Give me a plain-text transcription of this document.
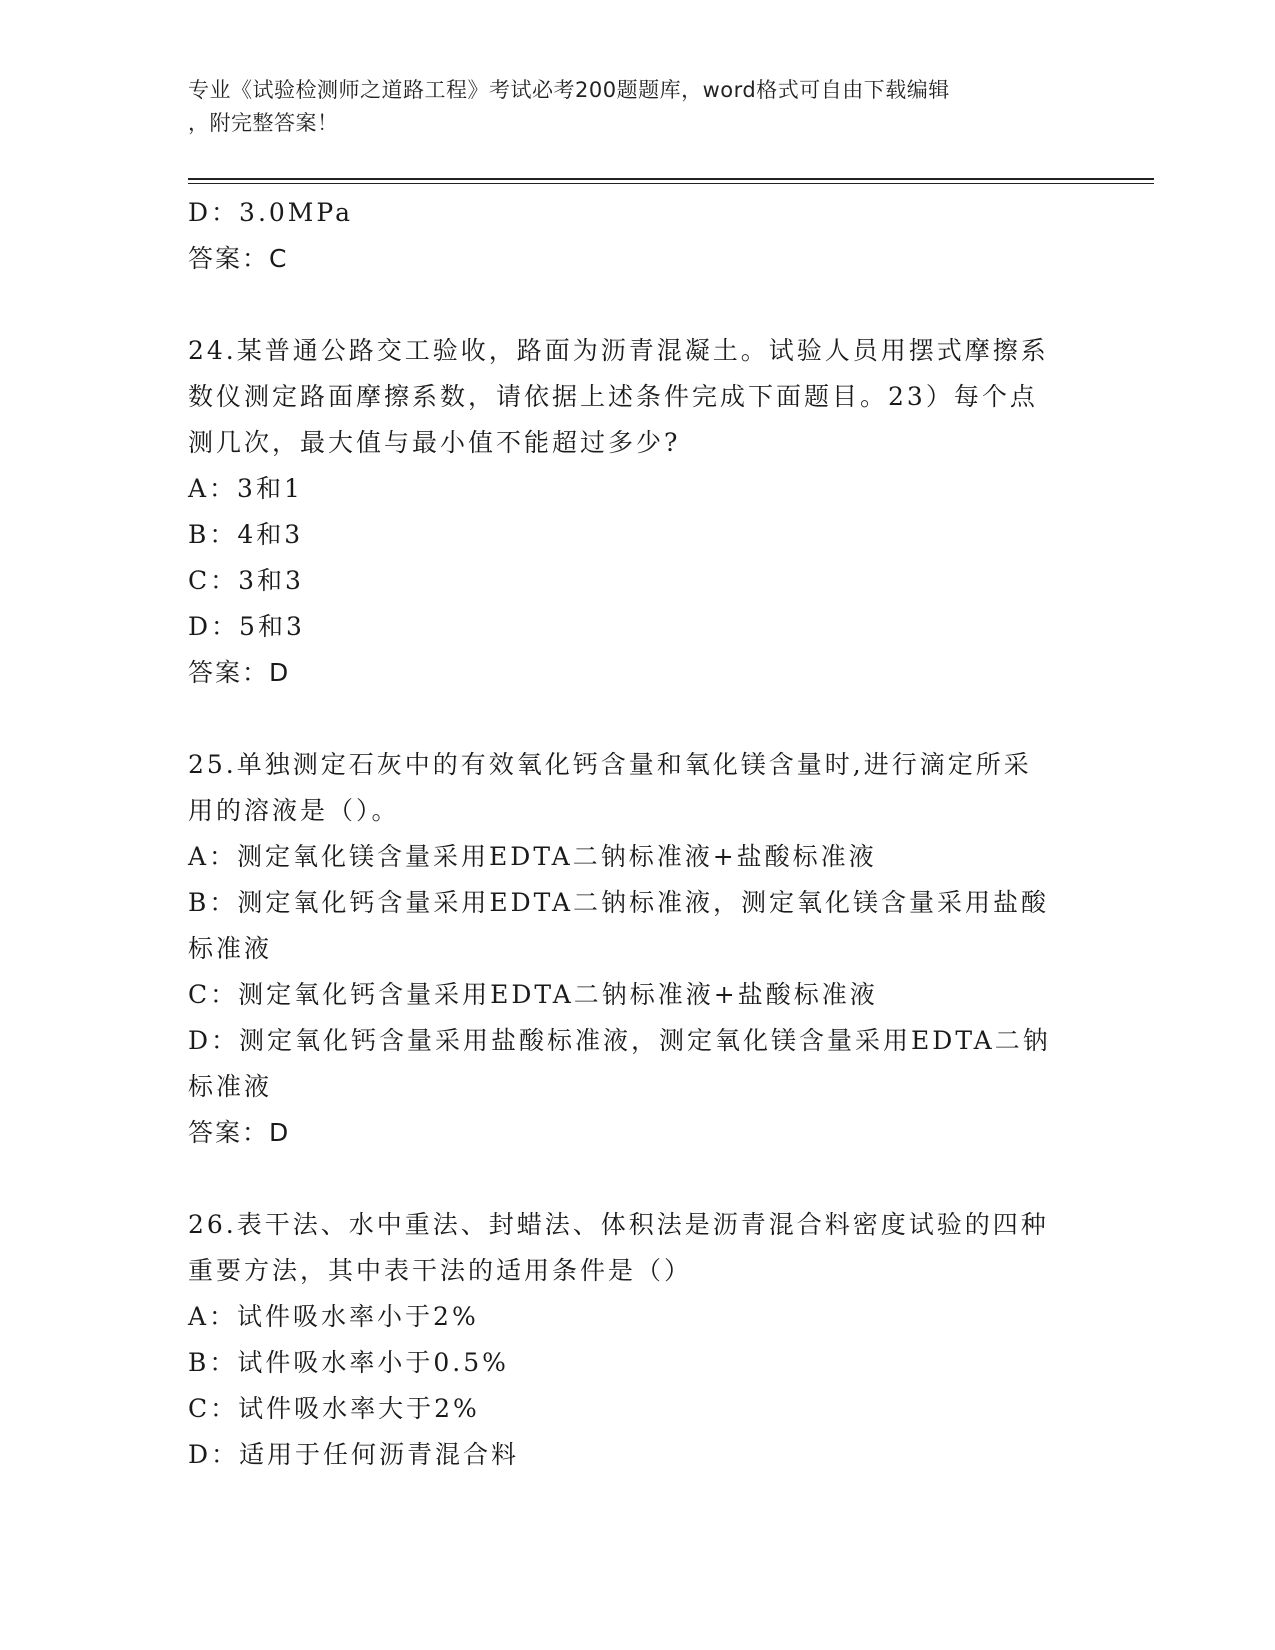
专业《试验检测师之道路工程》考试必考200题题库，word格式可自由下载编辑
，附完整答案！

D：3.0MPa

答案：C

24.某普通公路交工验收，路面为沥青混凝土。试验人员用摆式摩擦系

数仪测定路面摩擦系数，请依据上述条件完成下面题目。23）每个点

测几次，最大值与最小值不能超过多少?

A：3和1

B：4和3

C：3和3

D：5和3

答案：D

25.单独测定石灰中的有效氧化钙含量和氧化镁含量时,进行滴定所采

用的溶液是（）。

A：测定氧化镁含量采用EDTA二钠标准液+盐酸标准液

B：测定氧化钙含量采用EDTA二钠标准液，测定氧化镁含量采用盐酸

标准液

C：测定氧化钙含量采用EDTA二钠标准液+盐酸标准液

D：测定氧化钙含量采用盐酸标准液，测定氧化镁含量采用EDTA二钠

标准液

答案：D

26.表干法、水中重法、封蜡法、体积法是沥青混合料密度试验的四种

重要方法，其中表干法的适用条件是（）

A：试件吸水率小于2%

B：试件吸水率小于0.5%

C：试件吸水率大于2%

D：适用于任何沥青混合料
